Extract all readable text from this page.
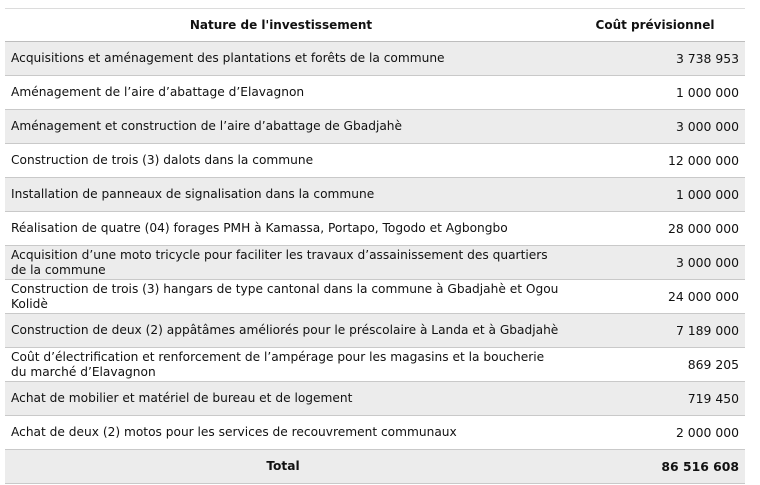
Nature de l'investissement	Coût prévisionnel
Acquisitions et aménagement des plantations et forêts de la commune	3 738 953
Aménagement de l’aire d’abattage d’Elavagnon	1 000 000
Aménagement et construction de l’aire d’abattage de Gbadjahè	3 000 000
Construction de trois (3) dalots dans la commune	12 000 000
Installation de panneaux de signalisation dans la commune	1 000 000
Réalisation de quatre (04) forages PMH à Kamassa, Portapo, Togodo et Agbongbo	28 000 000
Acquisition d’une moto tricycle pour faciliter les travaux d’assainissement des quartiers de la commune	3 000 000
Construction de trois (3) hangars de type cantonal dans la commune à Gbadjahè et Ogou Kolidè	24 000 000
Construction de deux (2) appâtâmes améliorés pour le préscolaire à Landa et à Gbadjahè	7 189 000
Coût d’électrification et renforcement de l’ampérage pour les magasins et la boucherie du marché d’Elavagnon	869 205
Achat de mobilier et matériel de bureau et de logement	719 450
Achat de deux (2) motos pour les services de recouvrement communaux	2 000 000
Total	86 516 608
